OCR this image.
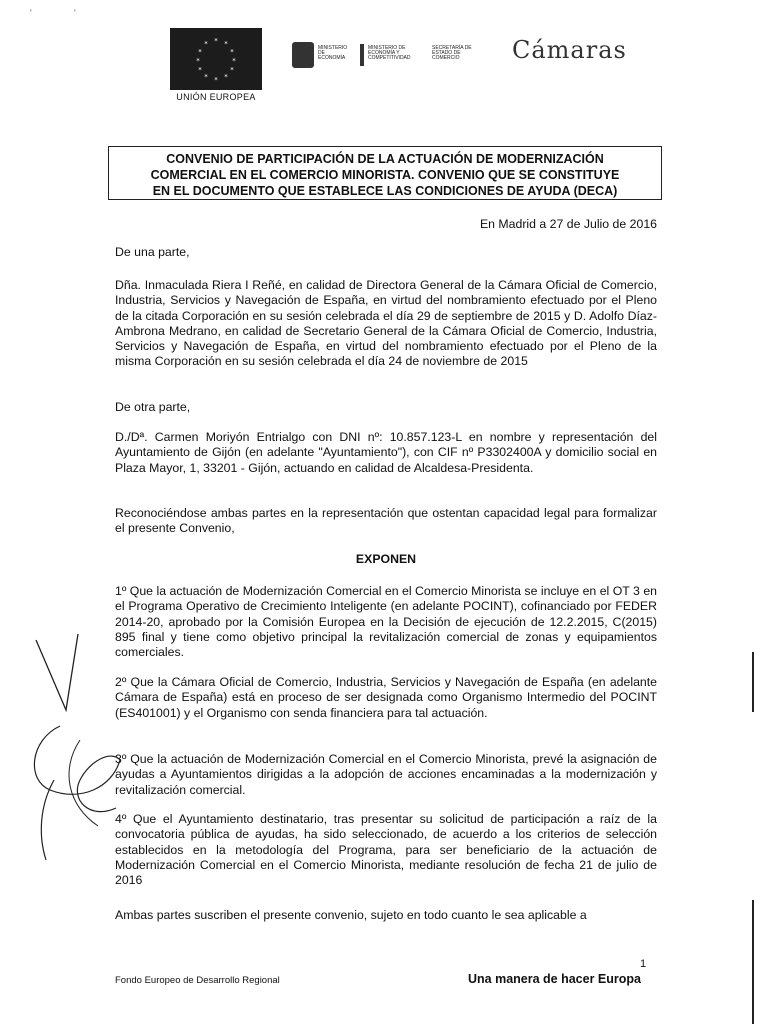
'	'
* *
*
*
*
*
*
*
*
*
*
*
UNIÓN EUROPEA
MINISTERIO DE ECONOMÍA
MINISTERIO DE ECONOMÍA Y COMPETITIVIDAD
SECRETARÍA DE ESTADO DE COMERCIO	Cámaras
CONVENIO DE PARTICIPACIÓN DE LA ACTUACIÓN DE MODERNIZACIÓN
COMERCIAL EN EL COMERCIO MINORISTA. CONVENIO QUE SE CONSTITUYE
EN EL DOCUMENTO QUE ESTABLECE LAS CONDICIONES DE AYUDA (DECA)
En Madrid a 27 de Julio de 2016
De una parte,
Dña. Inmaculada Riera I Reñé, en calidad de Directora General de la Cámara Oficial de Comercio, Industria, Servicios y Navegación de España, en virtud del nombramiento efectuado por el Pleno de la citada Corporación en su sesión celebrada el día 29 de septiembre de 2015 y D. Adolfo Díaz-Ambrona Medrano, en calidad de Secretario General de la Cámara Oficial de Comercio, Industria, Servicios y Navegación de España, en virtud del nombramiento efectuado por el Pleno de la misma Corporación en su sesión celebrada el día 24 de noviembre de 2015
De otra parte,
D./Dª. Carmen Moriyón Entrialgo con DNI nº: 10.857.123-L en nombre y representación del Ayuntamiento de Gijón (en adelante "Ayuntamiento"), con CIF nº P3302400A y domicilio social en Plaza Mayor, 1, 33201 - Gijón, actuando en calidad de Alcaldesa-Presidenta.
Reconociéndose ambas partes en la representación que ostentan capacidad legal para formalizar el presente Convenio,
EXPONEN
1º Que la actuación de Modernización Comercial en el Comercio Minorista se incluye en el OT 3 en el Programa Operativo de Crecimiento Inteligente (en adelante POCINT), cofinanciado por FEDER 2014-20, aprobado por la Comisión Europea en la Decisión de ejecución de 12.2.2015, C(2015) 895 final y tiene como objetivo principal la revitalización comercial de zonas y equipamientos comerciales.
2º Que la Cámara Oficial de Comercio, Industria, Servicios y Navegación de España (en adelante Cámara de España) está en proceso de ser designada como Organismo Intermedio del POCINT (ES401001) y el Organismo con senda financiera para tal actuación.
3º Que la actuación de Modernización Comercial en el Comercio Minorista, prevé la asignación de ayudas a Ayuntamientos dirigidas a la adopción de acciones encaminadas a la modernización y revitalización comercial.
4º Que el Ayuntamiento destinatario, tras presentar su solicitud de participación a raíz de la convocatoria pública de ayudas, ha sido seleccionado, de acuerdo a los criterios de selección establecidos en la metodología del Programa, para ser beneficiario de la actuación de Modernización Comercial en el Comercio Minorista, mediante resolución de fecha 21 de julio de 2016
Ambas partes suscriben el presente convenio, sujeto en todo cuanto le sea aplicable a
1
Fondo Europeo de Desarrollo Regional	Una manera de hacer Europa
